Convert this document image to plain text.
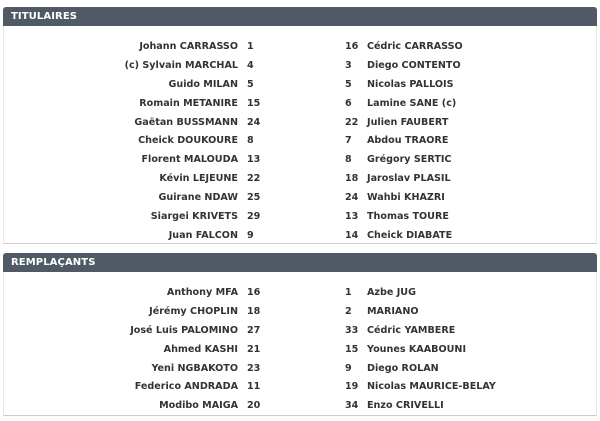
TITULAIRES
Johann CARRASSO 1	16 Cédric CARRASSO
(c) Sylvain MARCHAL 4	3	Diego CONTENTO
Guido MILAN 5	5	Nicolas PALLOIS
Romain METANIRE 15	6	Lamine SANE (c)
Gaëtan BUSSMANN 24	22 Julien FAUBERT
Cheick DOUKOURE 8	7	Abdou TRAORE
Florent MALOUDA 13	8	Grégory SERTIC
Kévin LEJEUNE 22	18 Jaroslav PLASIL
Guirane NDAW 25	24 Wahbi KHAZRI
Siargei KRIVETS 29	13 Thomas TOURE
Juan FALCON 9	14 Cheick DIABATE
REMPLAÇANTS
Anthony MFA 16	1	Azbe JUG
Jérémy CHOPLIN 18	2	MARIANO
José Luis PALOMINO 27	33 Cédric YAMBERE
Ahmed KASHI 21	15 Younes KAABOUNI
Yeni NGBAKOTO 23	9	Diego ROLAN
Federico ANDRADA 11	19 Nicolas MAURICE-BELAY
Modibo MAIGA 20	34 Enzo CRIVELLI
